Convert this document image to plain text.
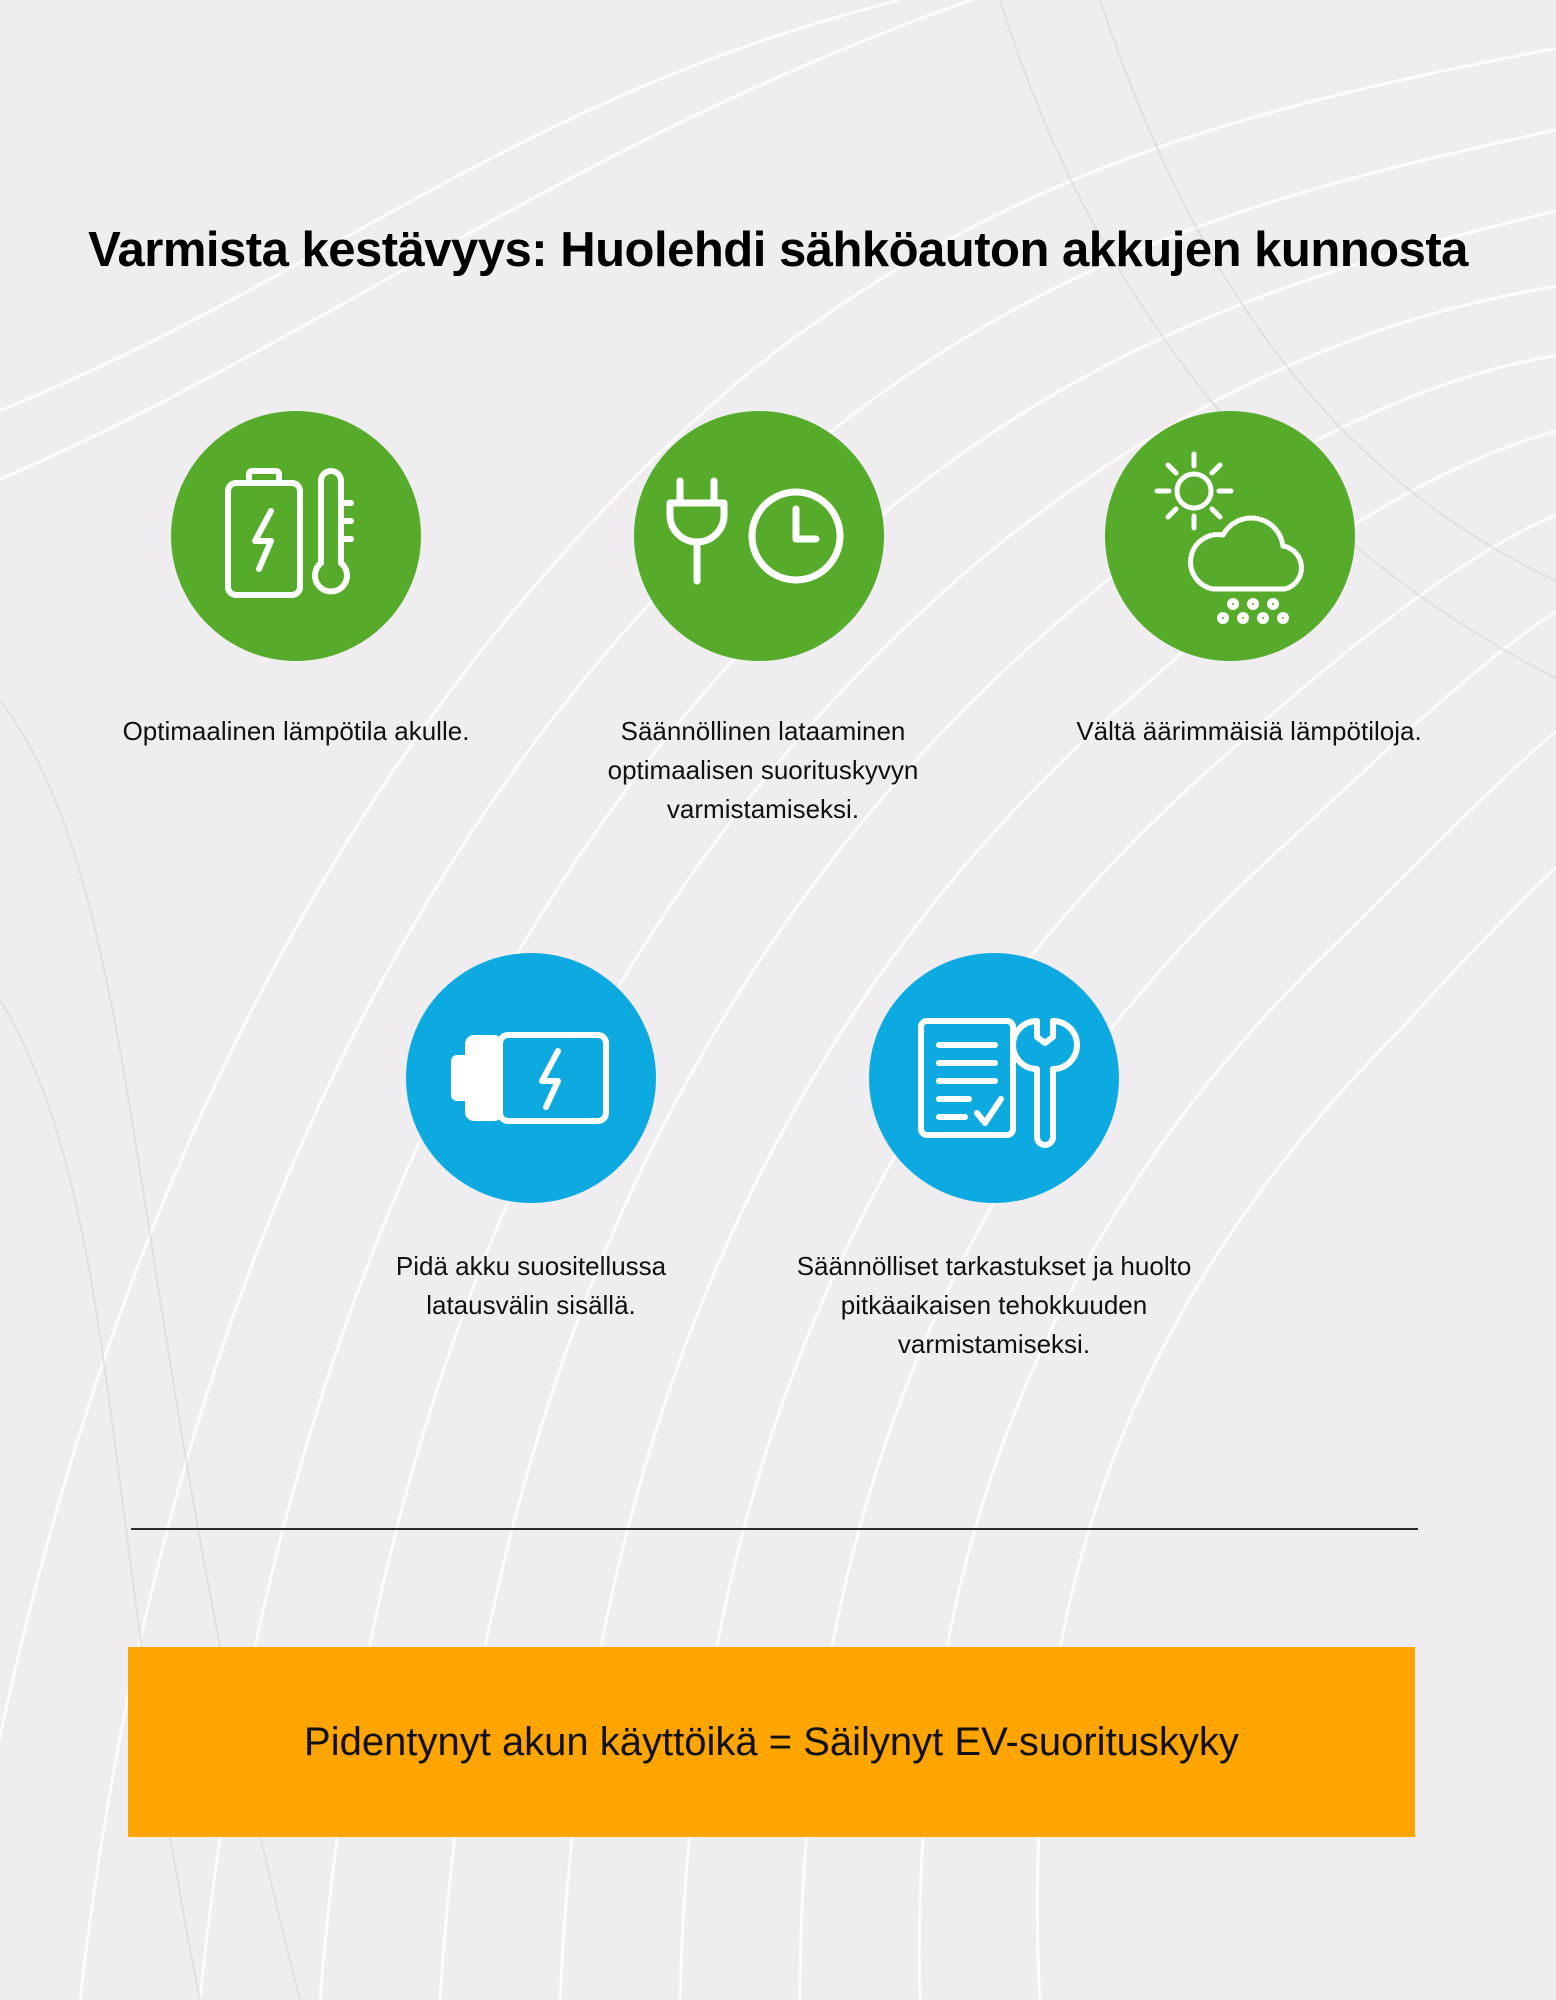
Varmista kestävyys: Huolehdi sähköauton akkujen kunnosta
Optimaalinen lämpötila akulle.	Säännöllinen lataaminen optimaalisen suorituskyvyn varmistamiseksi.
Vältä äärimmäisiä lämpötiloja.
Pidä akku suositellussa latausvälin sisällä.
Säännölliset tarkastukset ja huolto pitkäaikaisen tehokkuuden varmistamiseksi.
Pidentynyt akun käyttöikä = Säilynyt EV-suorituskyky
